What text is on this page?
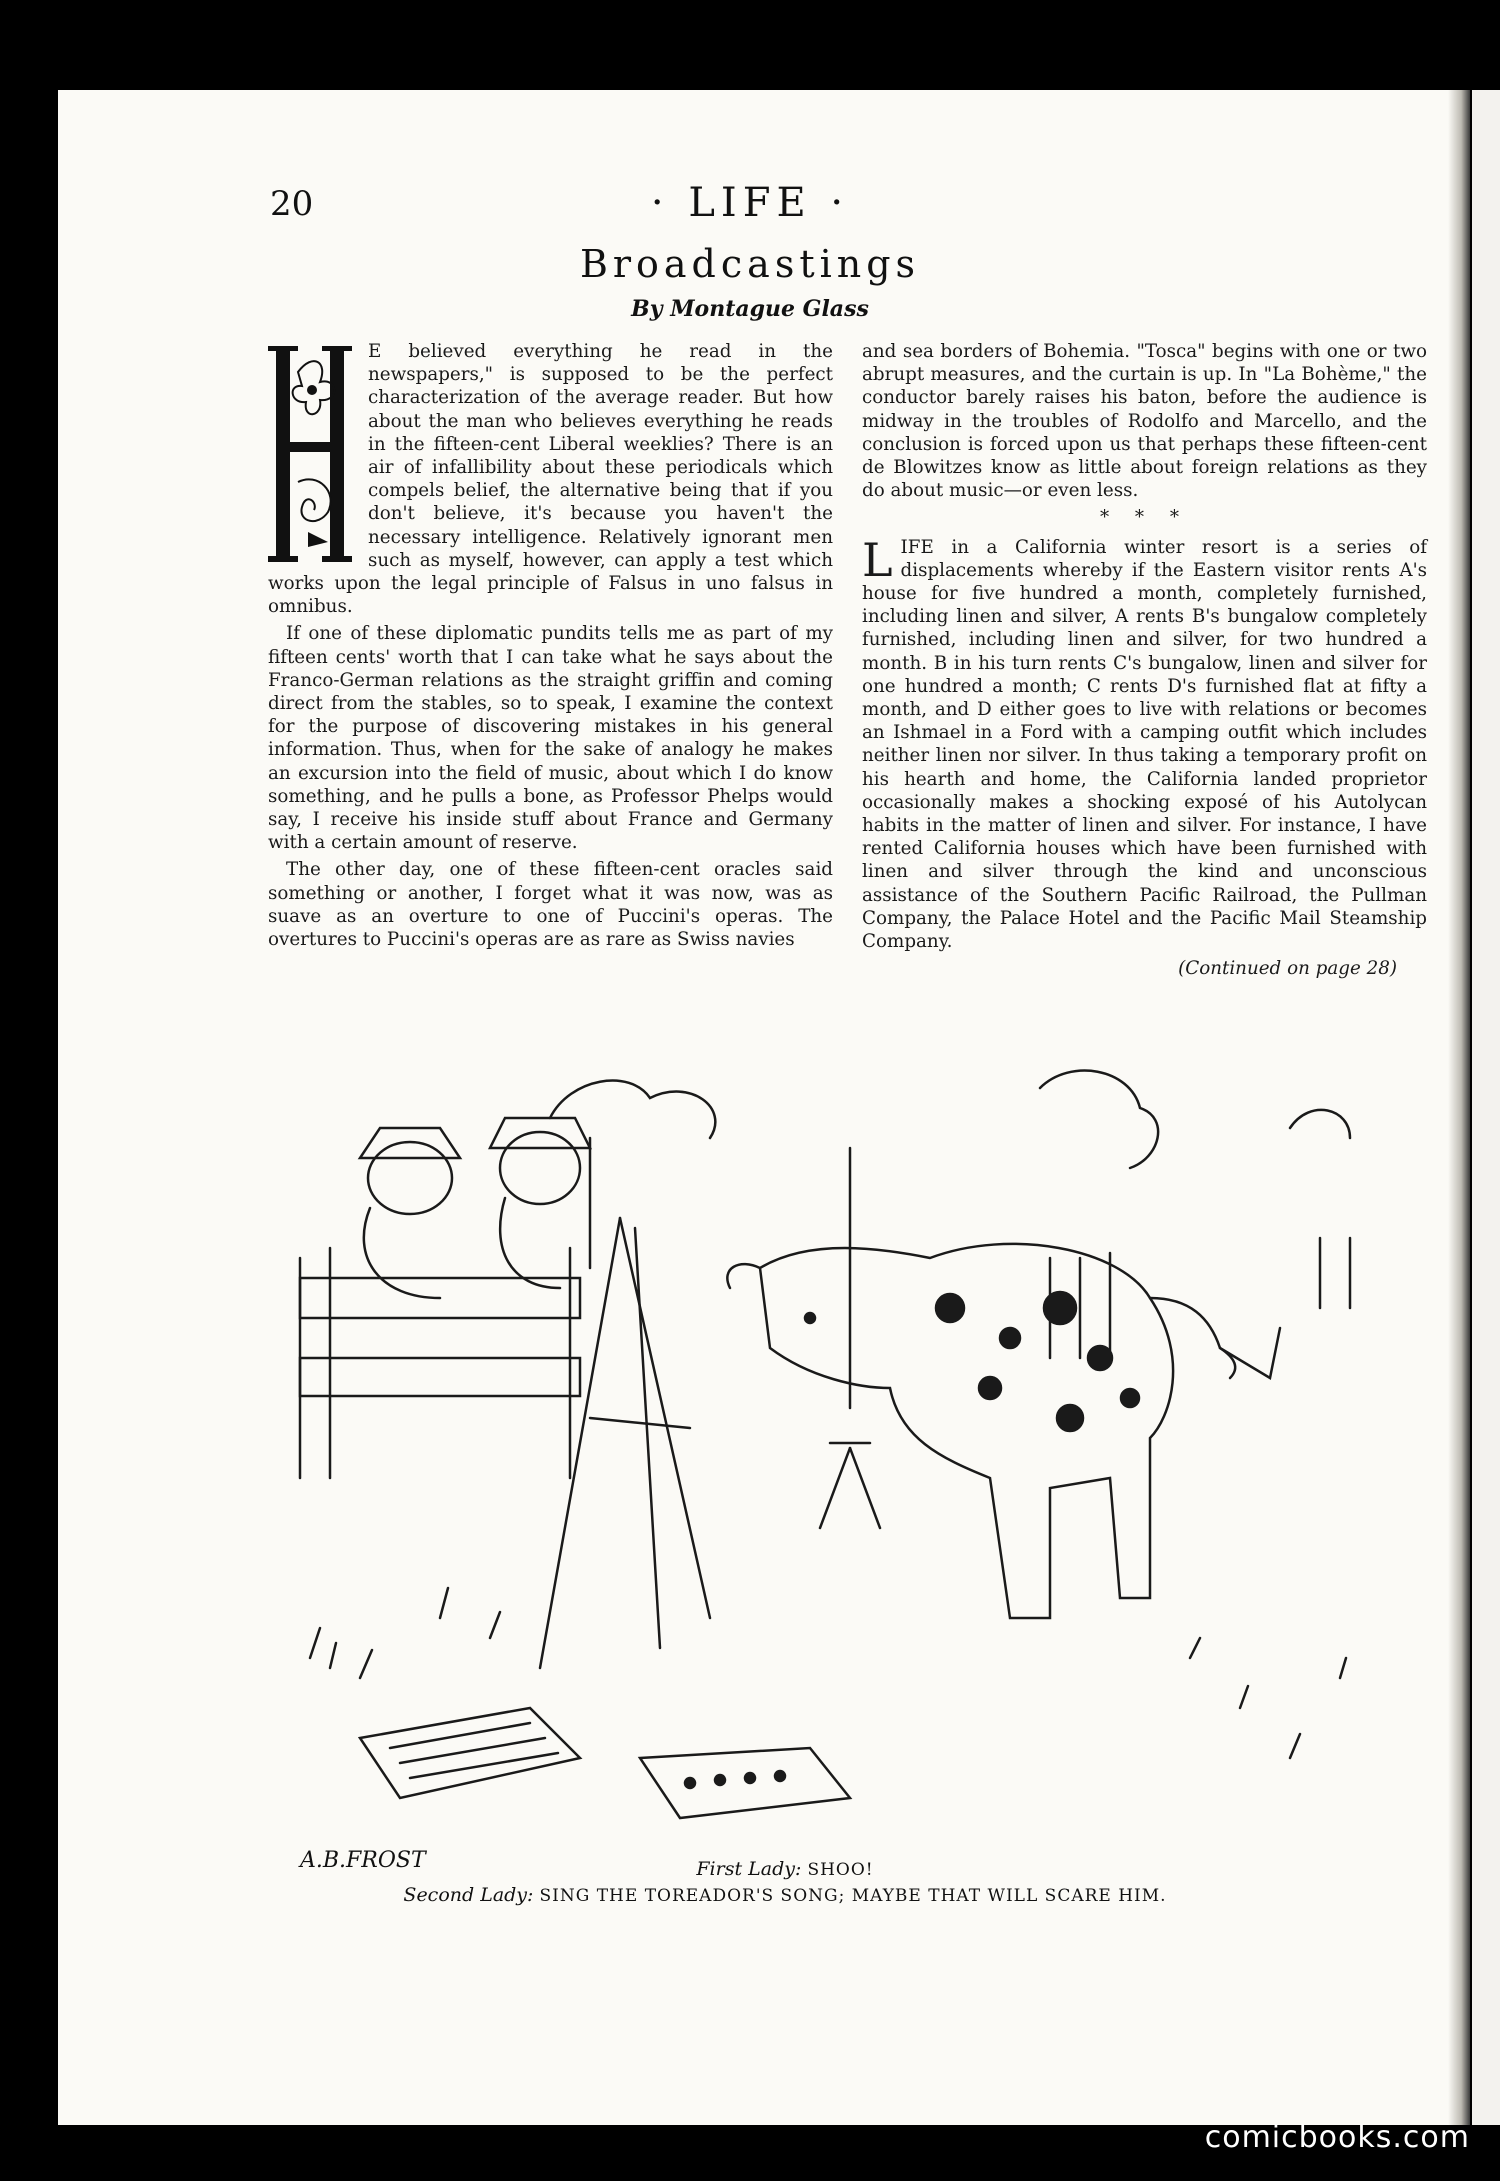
20	· LIFE ·
Broadcastings
By Montague Glass

E believed everything he read in the newspapers," is supposed to be the perfect characterization of the average reader. But how about the man who believes everything he reads in the fifteen-cent Liberal weeklies? There is an air of infallibility about these periodicals which compels belief, the alternative being that if you don't believe, it's because you haven't the necessary intelligence. Relatively ignorant men such as myself, however, can apply a test which works upon the legal principle of Falsus in uno falsus in omnibus.

If one of these diplomatic pundits tells me as part of my fifteen cents' worth that I can take what he says about the Franco-German relations as the straight griffin and coming direct from the stables, so to speak, I examine the context for the purpose of discovering mistakes in his general information. Thus, when for the sake of analogy he makes an excursion into the field of music, about which I do know something, and he pulls a bone, as Professor Phelps would say, I receive his inside stuff about France and Germany with a certain amount of reserve.

The other day, one of these fifteen-cent oracles said something or another, I forget what it was now, was as suave as an overture to one of Puccini's operas. The overtures to Puccini's operas are as rare as Swiss navies

and sea borders of Bohemia. "Tosca" begins with one or two abrupt measures, and the curtain is up. In "La Bohème," the conductor barely raises his baton, before the audience is midway in the troubles of Rodolfo and Marcello, and the conclusion is forced upon us that perhaps these fifteen-cent de Blowitzes know as little about foreign relations as they do about music—or even less.

* * *

LIFE in a California winter resort is a series of displacements whereby if the Eastern visitor rents A's house for five hundred a month, completely furnished, including linen and silver, A rents B's bungalow completely furnished, including linen and silver, for two hundred a month. B in his turn rents C's bungalow, linen and silver for one hundred a month; C rents D's furnished flat at fifty a month, and D either goes to live with relations or becomes an Ishmael in a Ford with a camping outfit which includes neither linen nor silver. In thus taking a temporary profit on his hearth and home, the California landed proprietor occasionally makes a shocking exposé of his Autolycan habits in the matter of linen and silver. For instance, I have rented California houses which have been furnished with linen and silver through the kind and unconscious assistance of the Southern Pacific Railroad, the Pullman Company, the Palace Hotel and the Pacific Mail Steamship Company.

(Continued on page 28)

A.B.FROST	First Lady: SHOO!
Second Lady: SING THE TOREADOR'S SONG; MAYBE THAT WILL SCARE HIM.
comicbooks.com
